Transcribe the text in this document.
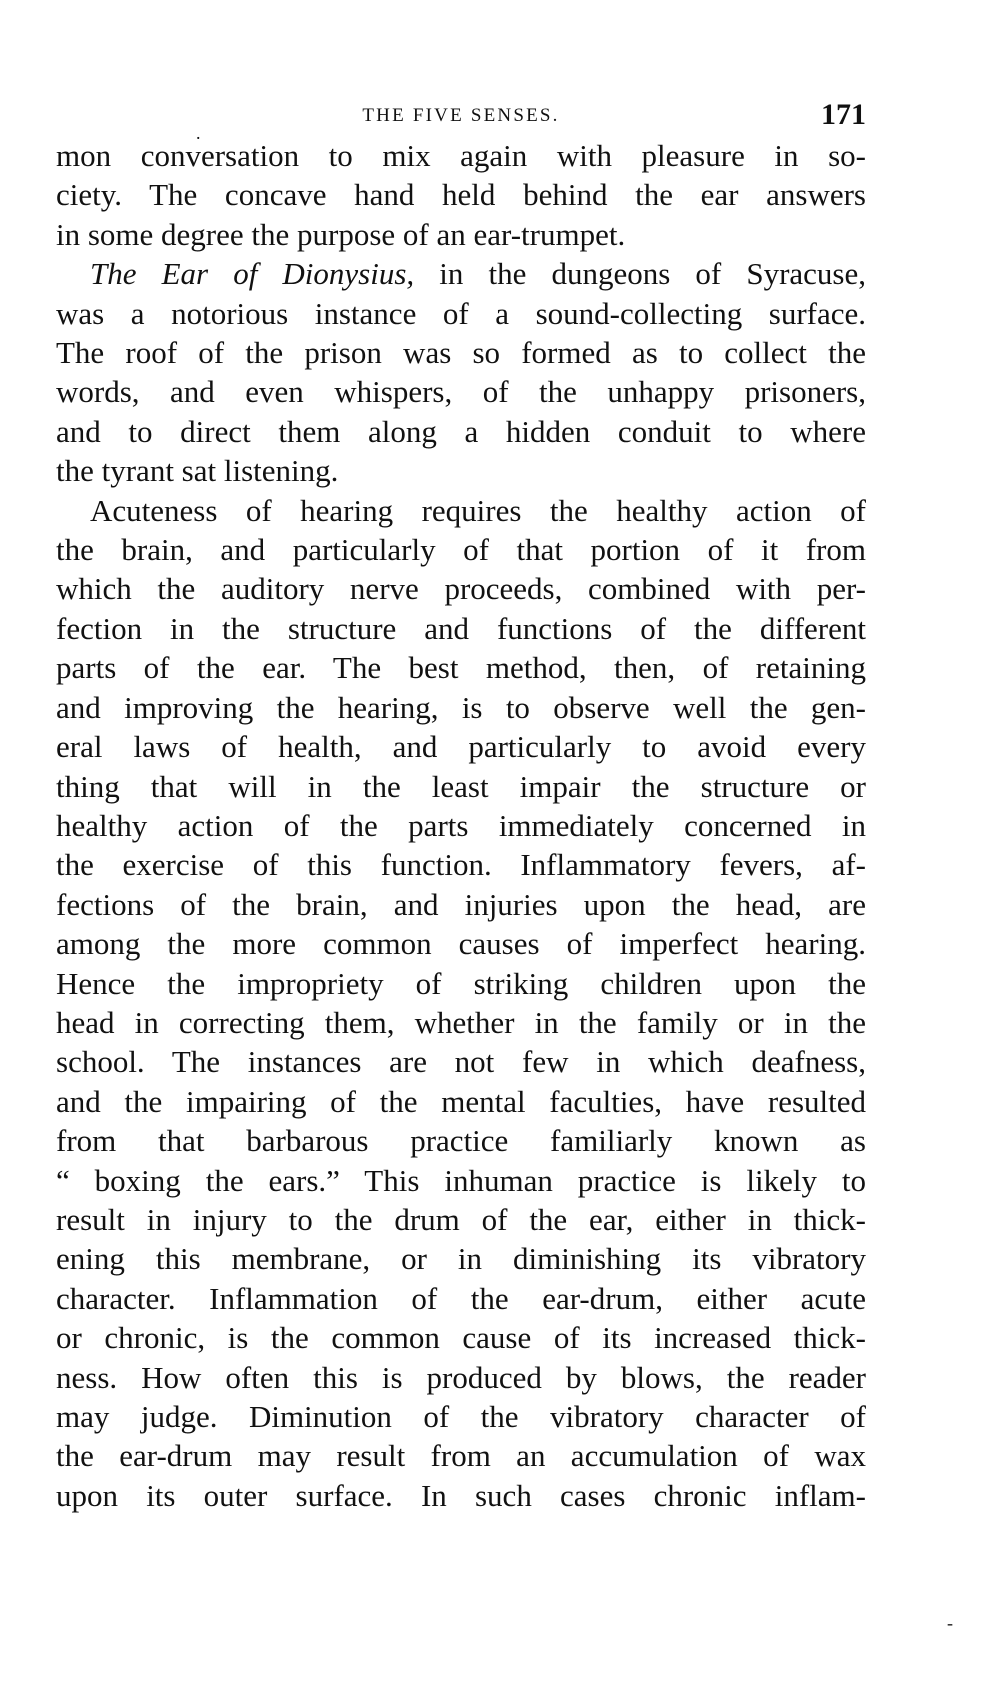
.
THE FIVE SENSES.	171
mon conversation to mix again with pleasure in so-
ciety. The concave hand held behind the ear answers
in some degree the purpose of an ear-trumpet.
The Ear of Dionysius, in the dungeons of Syracuse,
was a notorious instance of a sound-collecting surface.
The roof of the prison was so formed as to collect the
words, and even whispers, of the unhappy prisoners,
and to direct them along a hidden conduit to where
the tyrant sat listening.
Acuteness of hearing requires the healthy action of
the brain, and particularly of that portion of it from
which the auditory nerve proceeds, combined with per-
fection in the structure and functions of the different
parts of the ear. The best method, then, of retaining
and improving the hearing, is to observe well the gen-
eral laws of health, and particularly to avoid every
thing that will in the least impair the structure or
healthy action of the parts immediately concerned in
the exercise of this function. Inflammatory fevers, af-
fections of the brain, and injuries upon the head, are
among the more common causes of imperfect hearing.
Hence the impropriety of striking children upon the
head in correcting them, whether in the family or in the
school. The instances are not few in which deafness,
and the impairing of the mental faculties, have resulted
from that barbarous practice familiarly known as
“ boxing the ears.” This inhuman practice is likely to
result in injury to the drum of the ear, either in thick-
ening this membrane, or in diminishing its vibratory
character. Inflammation of the ear-drum, either acute
or chronic, is the common cause of its increased thick-
ness. How often this is produced by blows, the reader
may judge. Diminution of the vibratory character of
the ear-drum may result from an accumulation of wax
upon its outer surface. In such cases chronic inflam-
-
